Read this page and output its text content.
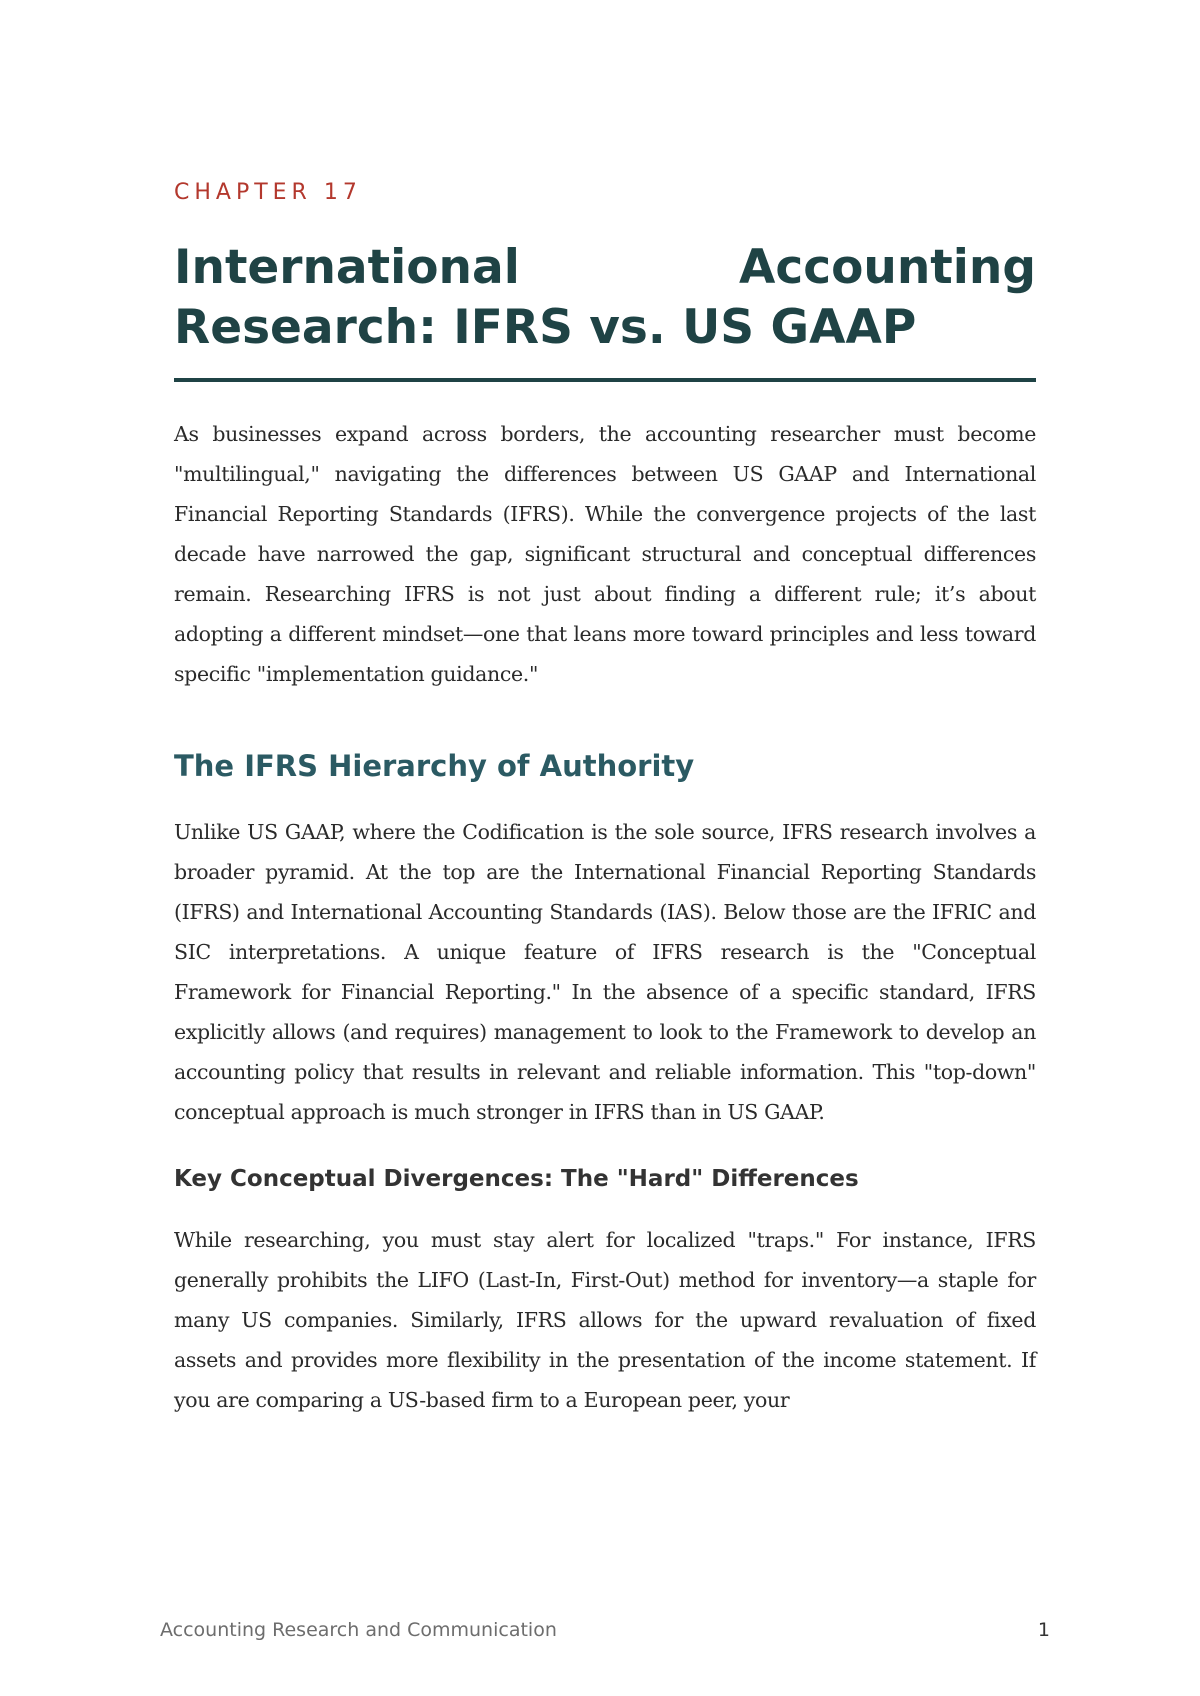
CHAPTER 17

International Accounting
Research: IFRS vs. US GAAP

As businesses expand across borders, the accounting researcher must become "multilingual," navigating the differences between US GAAP and International Financial Reporting Standards (IFRS). While the convergence projects of the last decade have narrowed the gap, significant structural and conceptual differences remain. Researching IFRS is not just about finding a different rule; it’s about adopting a different mindset—one that leans more toward principles and less toward specific "implementation guidance."

The IFRS Hierarchy of Authority

Unlike US GAAP, where the Codification is the sole source, IFRS research involves a broader pyramid. At the top are the International Financial Reporting Standards (IFRS) and International Accounting Standards (IAS). Below those are the IFRIC and SIC interpretations. A unique feature of IFRS research is the "Conceptual Framework for Financial Reporting." In the absence of a specific standard, IFRS explicitly allows (and requires) management to look to the Framework to develop an accounting policy that results in relevant and reliable information. This "top-down" conceptual approach is much stronger in IFRS than in US GAAP.

Key Conceptual Divergences: The "Hard" Differences

While researching, you must stay alert for localized "traps." For instance, IFRS generally prohibits the LIFO (Last-In, First-Out) method for inventory—a staple for many US companies. Similarly, IFRS allows for the upward revaluation of fixed assets and provides more flexibility in the presentation of the income statement. If you are comparing a US-based firm to a European peer, your

Accounting Research and Communication	1
